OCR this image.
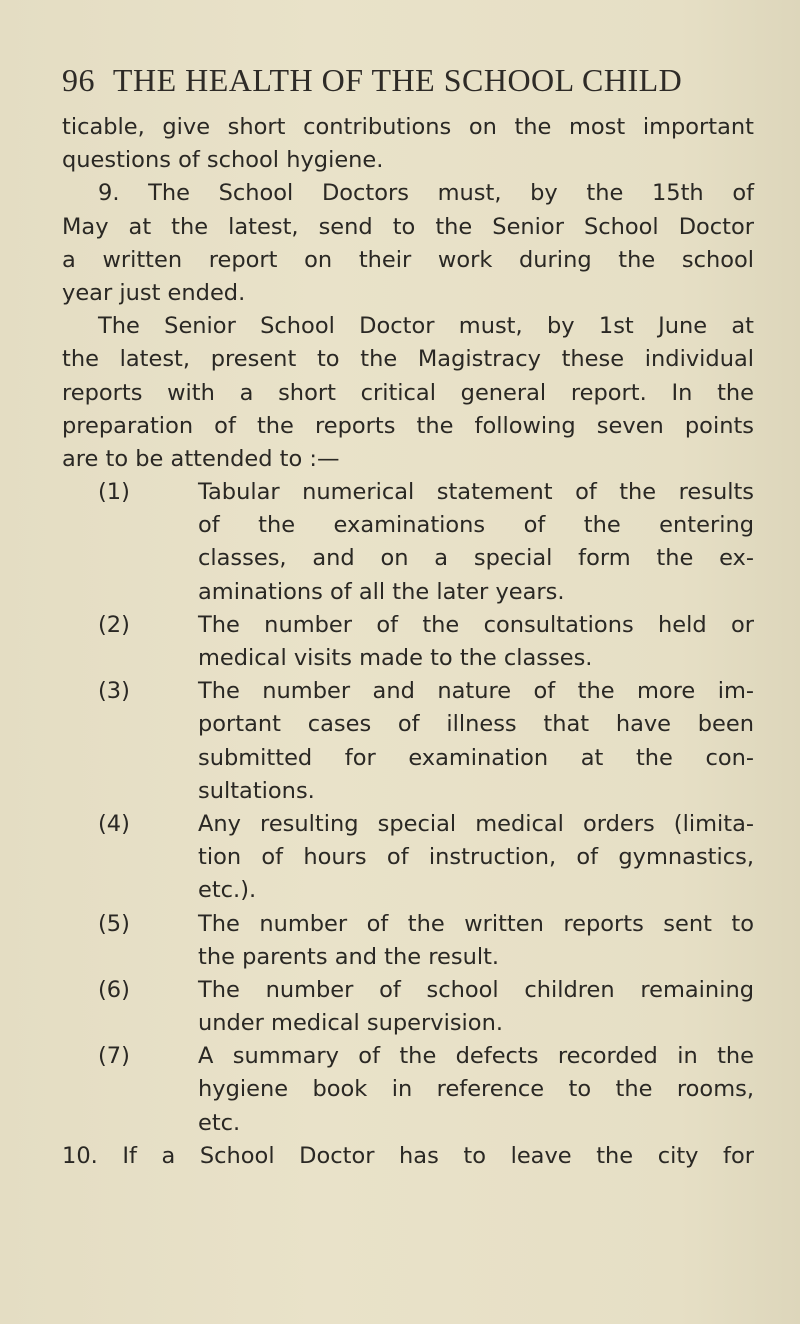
96 THE HEALTH OF THE SCHOOL CHILD
ticable, give short contributions on the most important
questions of school hygiene.
9. The School Doctors must, by the 15th of
May at the latest, send to the Senior School Doctor
a written report on their work during the school
year just ended.
The Senior School Doctor must, by 1st June at
the latest, present to the Magistracy these individual
reports with a short critical general report. In the
preparation of the reports the following seven points
are to be attended to :—
(1)	Tabular numerical statement of the results
of the examinations of the entering
classes, and on a special form the ex-
aminations of all the later years.
(2)	The number of the consultations held or
medical visits made to the classes.
(3)	The number and nature of the more im-
portant cases of illness that have been
submitted for examination at the con-
sultations.
(4)	Any resulting special medical orders (limita-
tion of hours of instruction, of gymnastics,
etc.).
(5)	The number of the written reports sent to
the parents and the result.
(6)	The number of school children remaining
under medical supervision.
(7)	A summary of the defects recorded in the
hygiene book in reference to the rooms,
etc.
10. If a School Doctor has to leave the city for
